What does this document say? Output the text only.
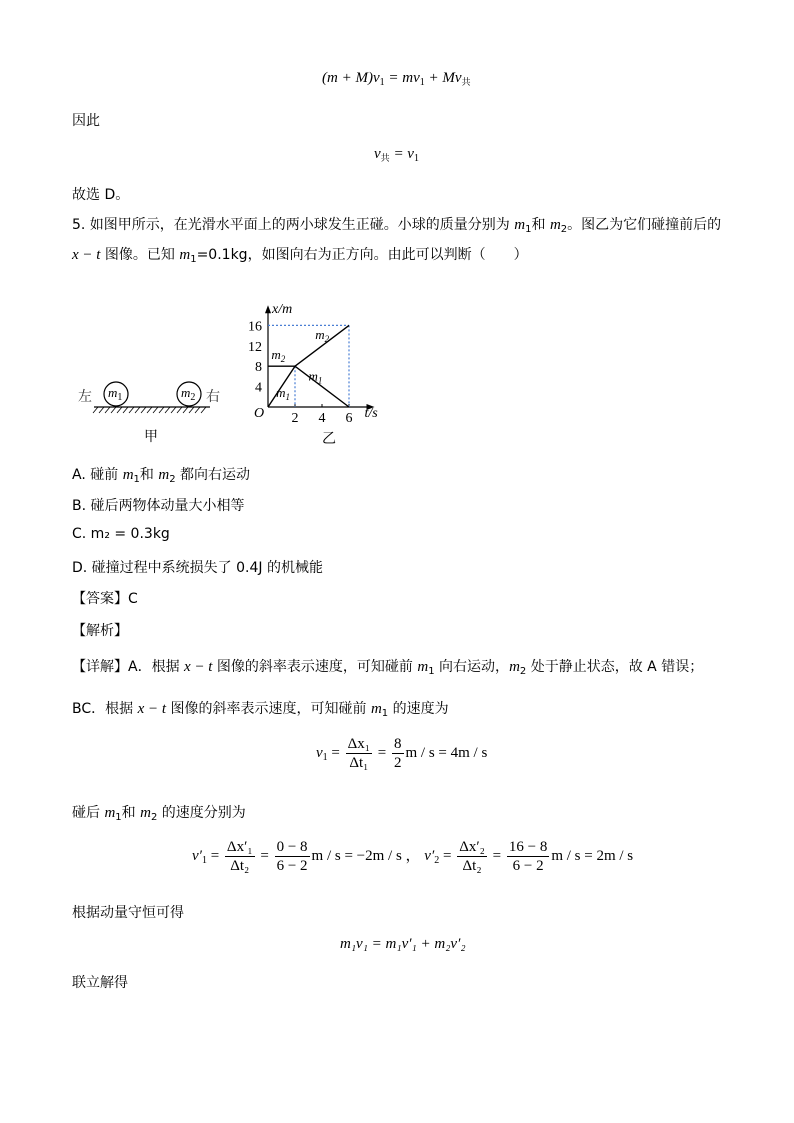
$(m + M)v_1 = mv_1 + Mv_共$
因此
$v_共 = v_1$
故选 D。
5. 如图甲所示，在光滑水平面上的两小球发生正碰。小球的质量分别为 $m_1$和 $m_2$。图乙为它们碰撞前后的
x − t 图像。已知 $m_1=0.1kg$，如图向右为正方向。由此可以判断（　　）
左	右
$m_1$	$m_2$
甲
x/m
t/s
O
4
8
12
16
2 4 6
$m_2$
$m_2$
$m_1$
$m_1$
乙
A. 碰前 $m_1$和 $m_2$ 都向右运动
B. 碰后两物体动量大小相等
C. m₂ = 0.3kg
D. 碰撞过程中系统损失了 0.4J 的机械能
【答案】C
【解析】
【详解】A．根据 x − t 图像的斜率表示速度，可知碰前 $m_1$ 向右运动，$m_2$ 处于静止状态，故 A 错误；
BC．根据 x − t 图像的斜率表示速度，可知碰前 $m_1$ 的速度为
$v_1 = \frac{\text{Δx₁}}{\text{Δt₁}} = \frac{8}{2}$ m / s = 4m / s
碰后 $m_1$和 $m_2$ 的速度分别为
$v'_1 = \frac{\text{Δx′₁}}{\text{Δt₂}} = \frac{0 - 8}{6 - 2}$ m / s = −2m / s ， $v'_2 = \frac{\text{Δx′₂}}{\text{Δt₂}} = \frac{16 - 8}{6 - 2}$ m / s = 2m / s
根据动量守恒可得
m₁v₁ = m₁v′₁ + m₂v′₂
联立解得
